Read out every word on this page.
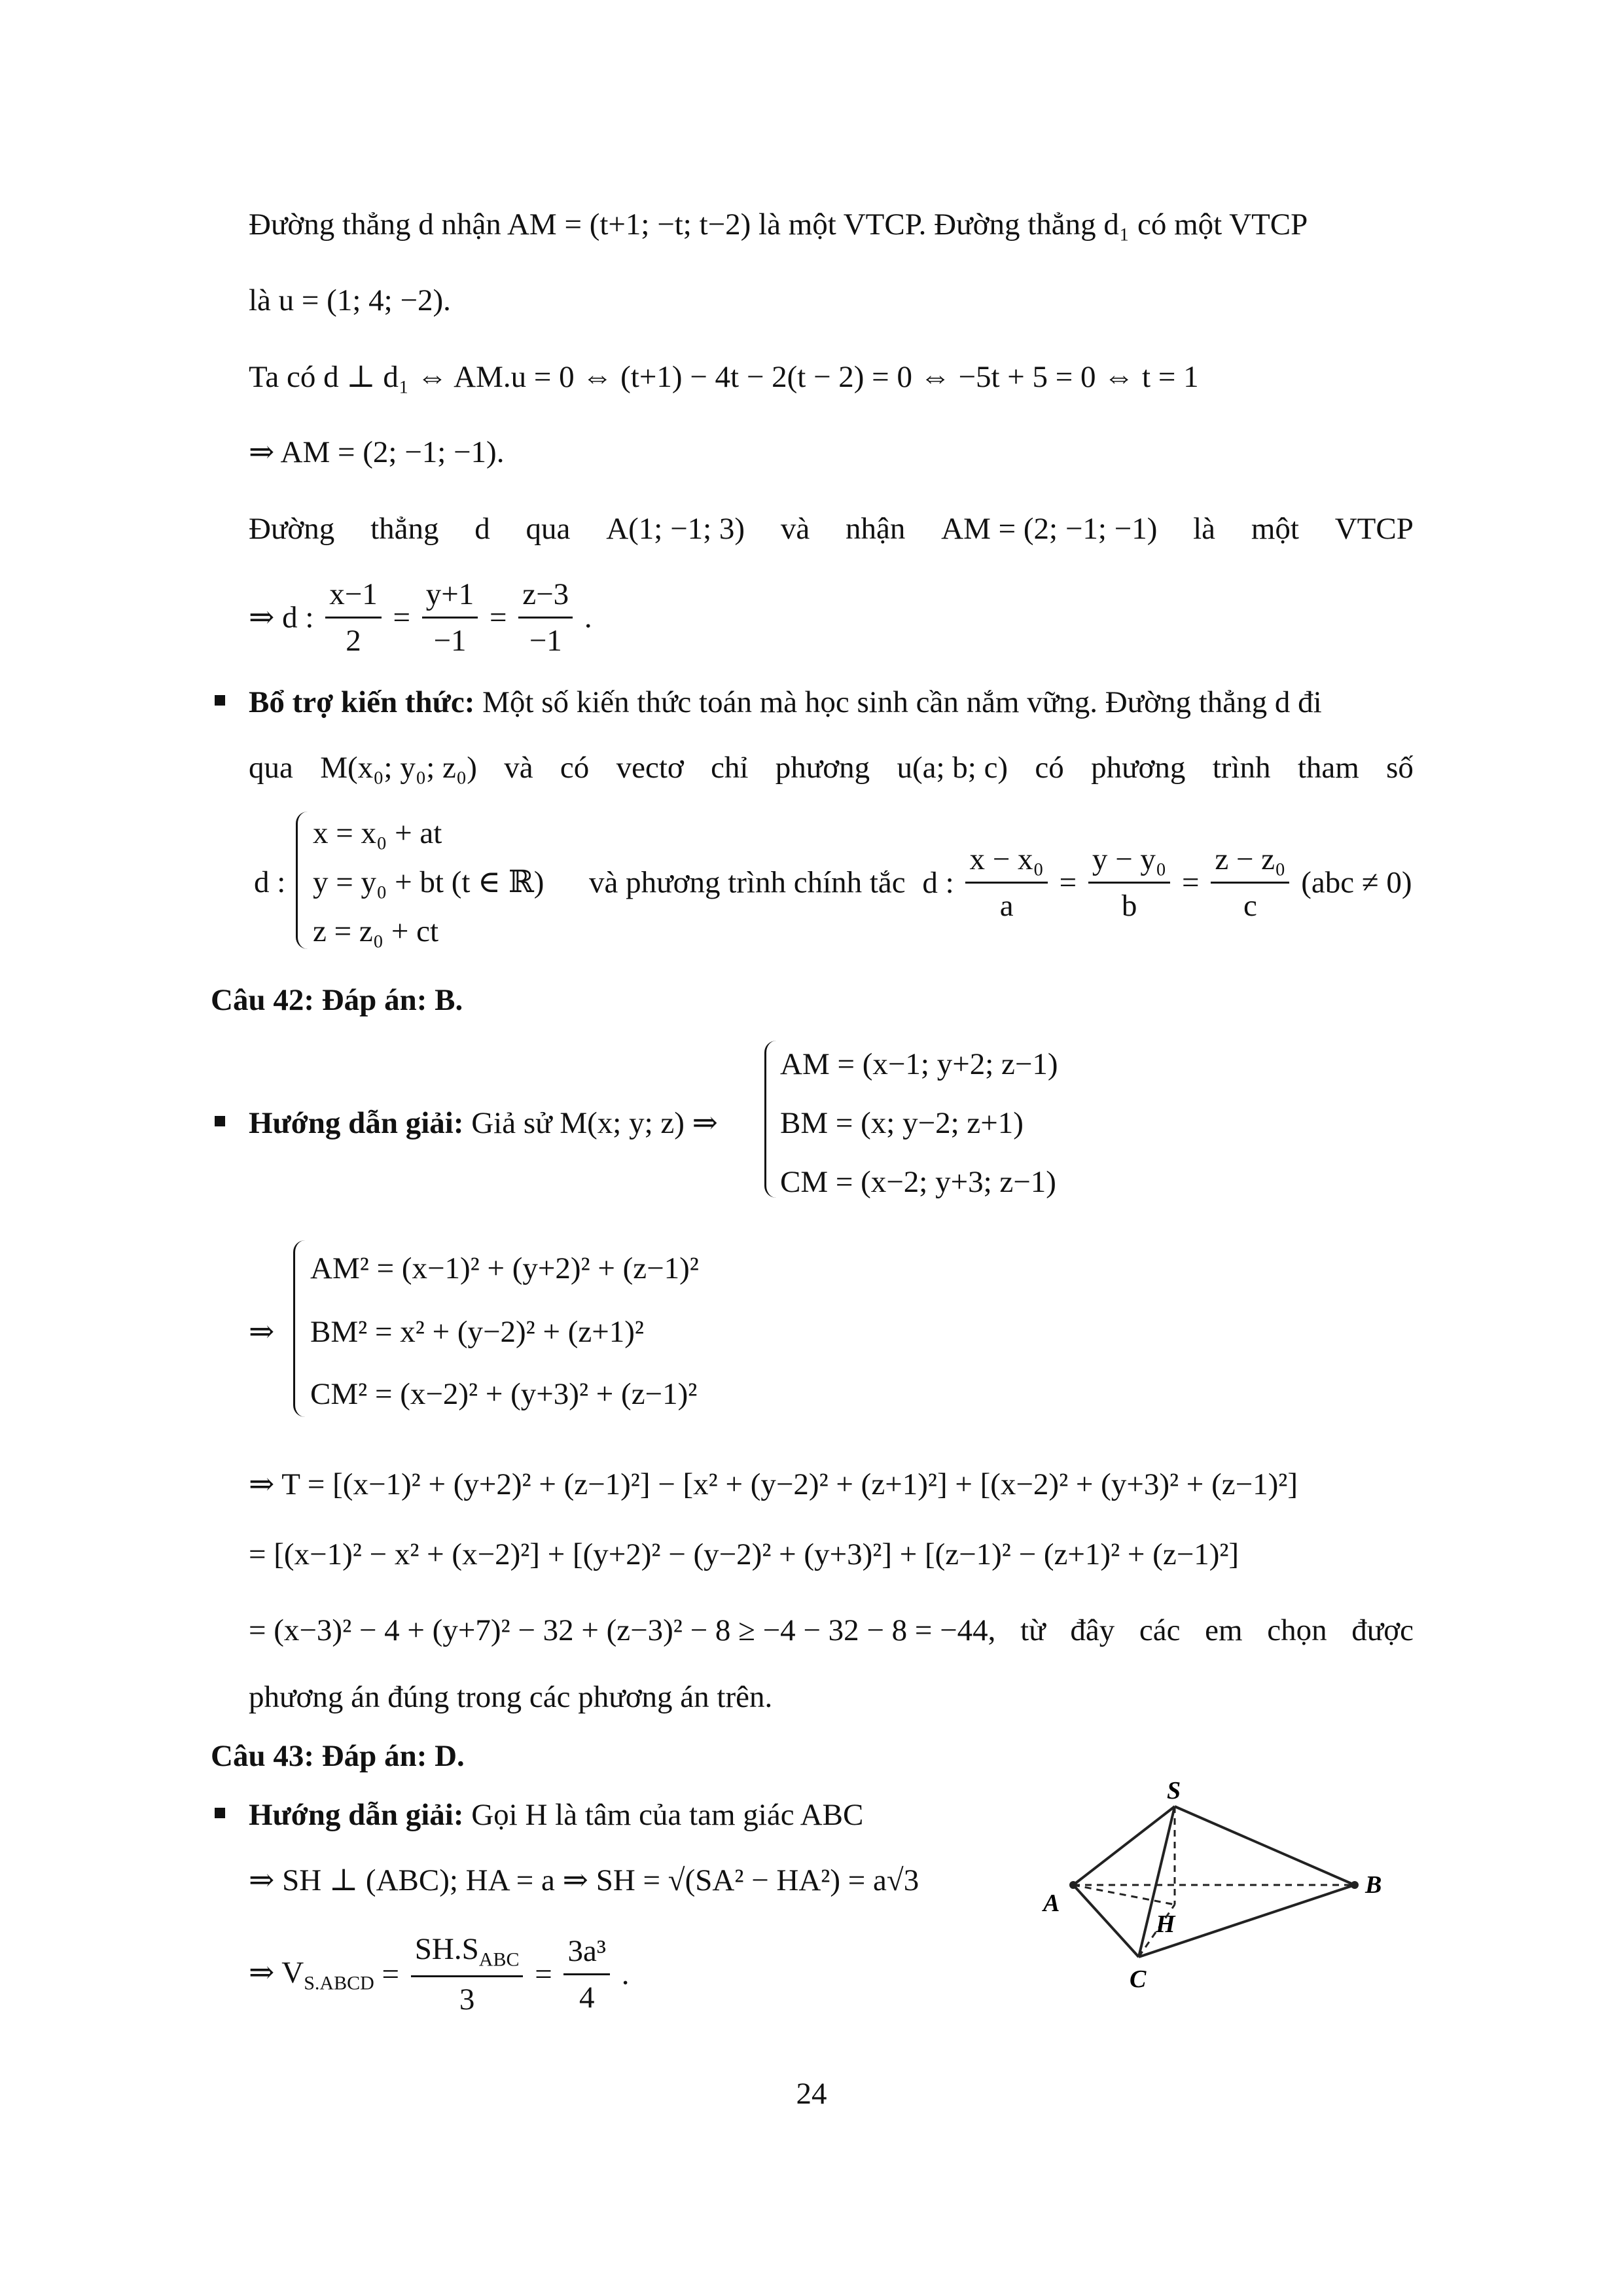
Đường thẳng d nhận AM = (t+1; −t; t−2) là một VTCP. Đường thẳng d₁ có một VTCP
là u = (1; 4; −2).
Ta có d ⊥ d₁ ⇔ AM.u = 0 ⇔ (t+1) − 4t − 2(t − 2) = 0 ⇔ −5t + 5 = 0 ⇔ t = 1
⇒ AM = (2; −1; −1).
Đường thẳng d qua A(1; −1; 3) và nhận AM = (2; −1; −1) là một VTCP
⇒ d : $\frac{x-1}{2} = \frac{y+1}{-1} = \frac{z-3}{-1}$ .
Bổ trợ kiến thức: Một số kiến thức toán mà học sinh cần nắm vững. Đường thẳng d đi
qua M(x₀; y₀; z₀) và có vectơ chỉ phương u(a; b; c) có phương trình tham số
d :
x = x₀ + at
y = y₀ + bt (t ∈ ℝ)
z = z₀ + ct
và phương trình chính tắc d : $\frac{\text{x − x₀}}{a} = \frac{\text{y − y₀}}{b} = \frac{\text{z − z₀}}{c} (abc \ne 0)$
Câu 42: Đáp án: B.
AM = (x−1; y+2; z−1)
BM = (x; y−2; z+1)
CM = (x−2; y+3; z−1)
Hướng dẫn giải: Giả sử M(x; y; z) ⇒
⇒
AM² = (x−1)² + (y+2)² + (z−1)²
BM² = x² + (y−2)² + (z+1)²
CM² = (x−2)² + (y+3)² + (z−1)²
⇒ T = [(x−1)² + (y+2)² + (z−1)²] − [x² + (y−2)² + (z+1)²] + [(x−2)² + (y+3)² + (z−1)²]
= [(x−1)² − x² + (x−2)²] + [(y+2)² − (y−2)² + (y+3)²] + [(z−1)² − (z+1)² + (z−1)²]
= (x−3)² − 4 + (y+7)² − 32 + (z−3)² − 8 ≥ −4 − 32 − 8 = −44, từ đây các em chọn được
phương án đúng trong các phương án trên.
Câu 43: Đáp án: D.
Hướng dẫn giải: Gọi H là tâm của tam giác ABC
⇒ SH ⊥ (ABC); HA = a ⇒ SH = √(SA² − HA²) = a√3
⇒ $V_{S.ABCD} = \frac{SH.S_{ABC}}{3} = \frac{\text{3a³}}{4}$ .
S
A
B
C
H
24
